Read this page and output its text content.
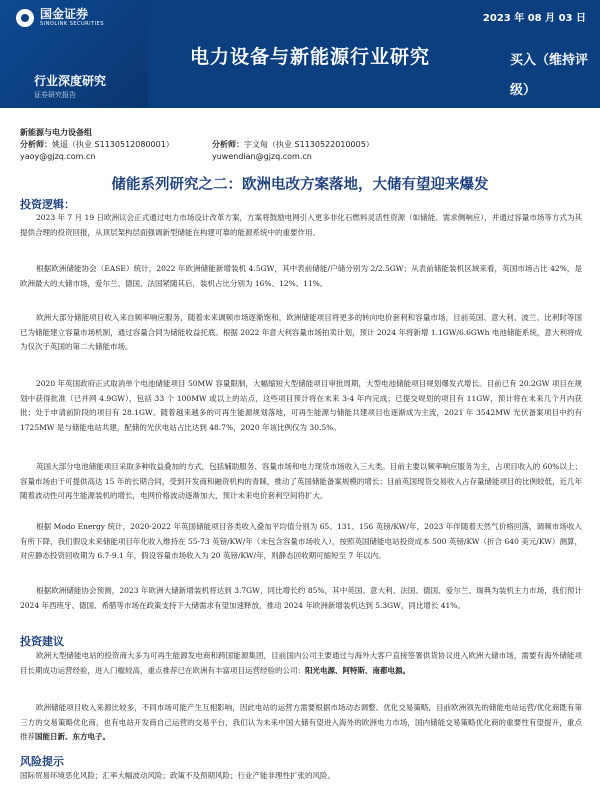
国金证券
SINOLINK SECURITIES
行业深度研究
证券研究报告
2023 年 08 月 03 日
电力设备与新能源行业研究	买入（维持评级）
新能源与电力设备组
分析师：姚遥（执业 S1130512080001）
yaoy@gjzq.com.cn
分析师：宇文甸（执业 S1130522010005）
yuwendian@gjzq.com.cn
储能系列研究之二：欧洲电改方案落地，大储有望迎来爆发
投资逻辑：
2023 年 7 月 19 日欧洲议会正式通过电力市场设计改革方案，方案将鼓励电网引入更多非化石燃料灵活性资源（如储能、需求侧响应），并通过容量市场等方式为其提供合理的投资回报，从顶层架构层面强调新型储能在构建可靠的能源系统中的重要作用。
根据欧洲储能协会（EASE）统计，2022 年欧洲储能新增装机 4.5GW，其中表前储能/户储分别为 2/2.5GW；从表前储能装机区域来看，英国市场占比 42%，是欧洲最大的大储市场，爱尔兰、德国、法国紧随其后，装机占比分别为 16%、12%、11%。
欧洲大部分储能项目收入来自频率响应服务，随着未来调频市场逐渐饱和，欧洲储能项目将更多的转向电价套利和容量市场，目前英国、意大利、波兰、比利时等国已为储能建立容量市场机制，通过容量合同为储能收益托底。根据 2022 年意大利容量市场拍卖计划，预计 2024 年将新增 1.1GW/6.6GWh 电池储能系统，意大利将成为仅次于英国的第二大储能市场。
2020 年英国政府正式取消单个电池储能项目 50MW 容量限制，大幅缩短大型储能项目审批周期，大型电池储能项目规划爆发式增长。目前已有 20.2GW 项目在规划中获得批准（已并网 4.9GW），包括 33 个 100MW 或以上的站点，这些项目预计将在未来 3-4 年内完成；已提交规划的项目有 11GW，预计将在未来几个月内获批；处于申请前阶段的项目有 28.1GW。随着越来越多的可再生能源规划落地，可再生能源与储能共建项目也逐渐成为主流，2021 年 3542MW 光伏备案项目中约有 1725MW 是与储能电站共建，配储的光伏电站占比达到 48.7%，2020 年该比例仅为 30.5%。
英国大部分电池储能项目采取多种收益叠加的方式，包括辅助服务、容量市场和电力现货市场收入三大类。目前主要以频率响应服务为主，占项目收入的 60%以上；容量市场由于可提供高达 15 年的长期合同，受到开发商和融资机构的青睐，推动了英国储能备案规模的增长；目前英国现货交易收入占存量储能项目的比例较低，近几年随着波动性可再生能源装机的增长，电网价格波动逐渐加大，预计未来电价套利空间将扩大。
根据 Modo Energy 统计，2020-2022 年英国储能项目各类收入叠加平均值分别为 65、131、156 英镑/KW/年，2023 年伴随着天然气价格回落，调频市场收入有所下降，我们假设未来储能项目年化收入维持在 55-73 英镑/KW/年（未包含容量市场收入），按照英国储能电站投资成本 500 英镑/KW（折合 640 美元/KW）测算，对应静态投资回收期为 6.7-9.1 年，假设容量市场收入为 20 英镑/KW/年，则静态回收期可缩短至 7 年以内。
根据欧洲储能协会预测，2023 年欧洲大储新增装机将达到 3.7GW，同比增长约 85%，其中英国、意大利、法国、德国、爱尔兰、瑞典为装机主力市场，我们预计 2024 年西班牙、德国、希腊等市场在政策支持下大储需求有望加速释放，推动 2024 年欧洲新增装机达到 5.3GW，同比增长 41%。
投资建议
欧洲大型储能电站的投资商大多为可再生能源发电商和跨国能源集团，目前国内公司主要通过与海外大客户直接签署供货协议进入欧洲大储市场，需要有海外储能项目长期成功运营经验，进入门槛较高，重点推荐已在欧洲有丰富项目运营经验的公司：阳光电源、阿特斯、南都电源。
欧洲储能项目收入来源比较多，不同市场可能产生互相影响，因此电站的运营方需要根据市场动态调整、优化交易策略，目前欧洲领先的储能电站运营/优化商既有第三方的交易策略优化商，也有电站开发商自己运营的交易平台，我们认为未来中国大储有望进入海外的欧洲电力市场，国内储能交易策略优化商的重要性有望提升，重点推荐国能日新、东方电子。
风险提示
国际贸易环境恶化风险；汇率大幅波动风险；政策不及预期风险；行业产能非理性扩张的风险。
